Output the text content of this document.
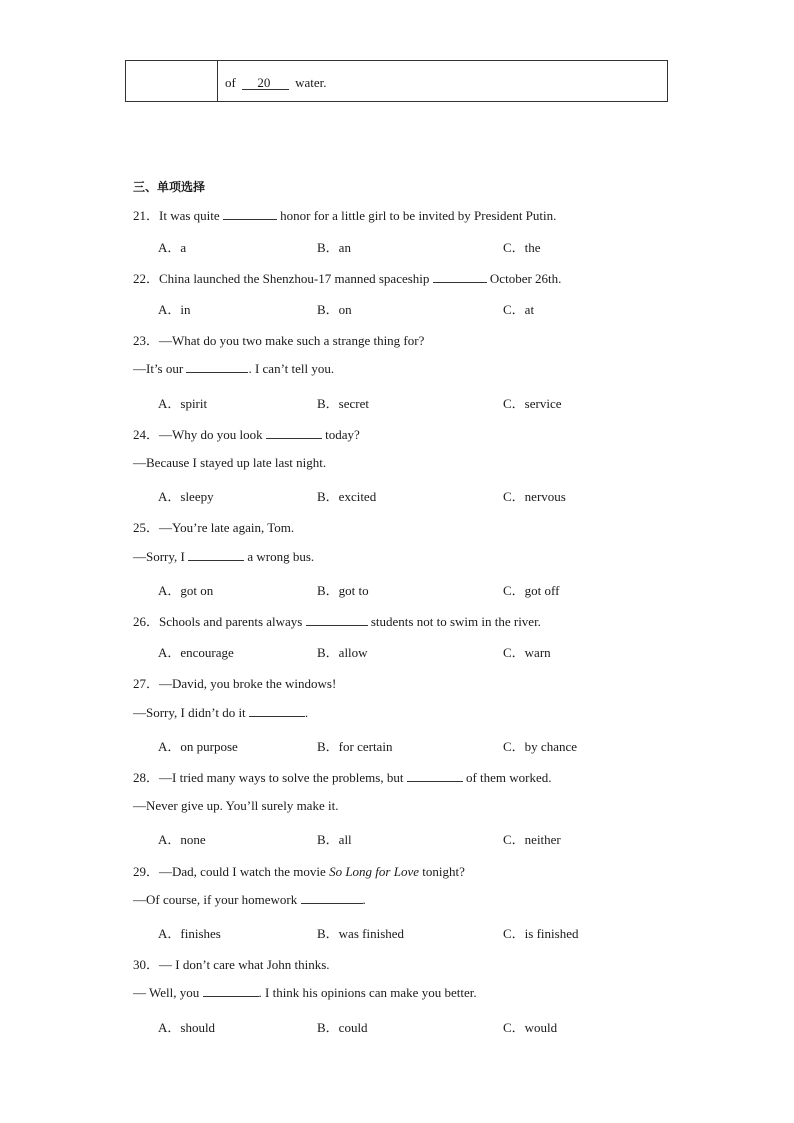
of 20 water.
三、单项选择
21．It was quite	honor for a little girl to be invited by President Putin.
A．a	B．an	C．the
22．China launched the Shenzhou-17 manned spaceship	October 26th.
A．in	B．on	C．at
23．—What do you two make such a strange thing for?
—It’s our	. I can’t tell you.
A．spirit	B．secret	C．service
24．—Why do you look	today?
—Because I stayed up late last night.
A．sleepy	B．excited	C．nervous
25．—You’re late again, Tom.
—Sorry, I	a wrong bus.
A．got on	B．got to	C．got off
26．Schools and parents always	students not to swim in the river.
A．encourage	B．allow	C．warn
27．—David, you broke the windows!
—Sorry, I didn’t do it	.
A．on purpose	B．for certain	C．by chance
28．—I tried many ways to solve the problems, but	of them worked.
—Never give up. You’ll surely make it.
A．none	B．all	C．neither
29．—Dad, could I watch the movie So Long for Love tonight?
—Of course, if your homework	.
A．finishes	B．was finished	C．is finished
30．— I don’t care what John thinks.
— Well, you	. I think his opinions can make you better.
A．should	B．could	C．would
